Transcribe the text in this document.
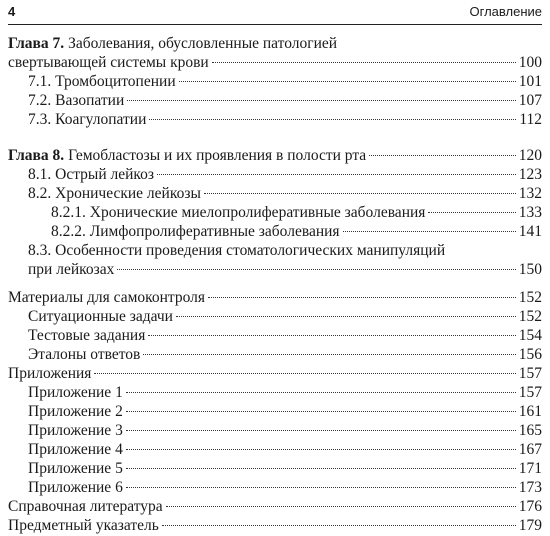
4	Оглавление
Глава 7. Заболевания, обусловленные патологией
свертывающей системы крови	100
7.1. Тромбоцитопении	101
7.2. Вазопатии	107
7.3. Коагулопатии	112
Глава 8. Гемобластозы и их проявления в полости рта	120
8.1. Острый лейкоз	123
8.2. Хронические лейкозы	132
8.2.1. Хронические миелопролиферативные заболевания	133
8.2.2. Лимфопролиферативные заболевания	141
8.3. Особенности проведения стоматологических манипуляций
при лейкозах	150
Материалы для самоконтроля	152
Ситуационные задачи	152
Тестовые задания	154
Эталоны ответов	156
Приложения	157
Приложение 1	157
Приложение 2	161
Приложение 3	165
Приложение 4	167
Приложение 5	171
Приложение 6	173
Справочная литература	176
Предметный указатель	179
